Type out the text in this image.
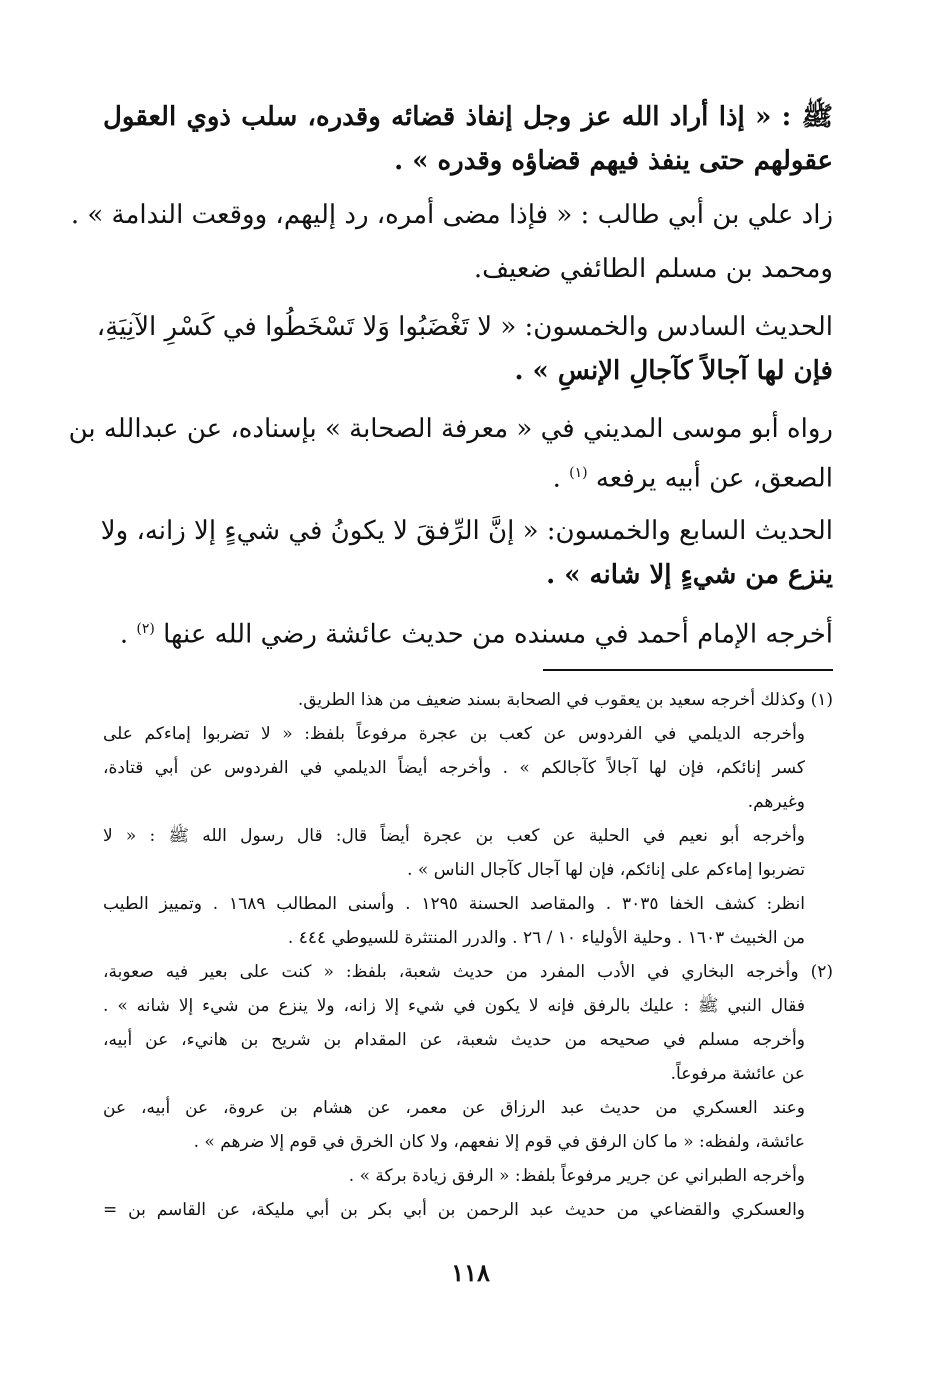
ﷺ : « إذا أراد الله عز وجل إنفاذ قضائه وقدره، سلب ذوي العقول
عقولهم حتى ينفذ فيهم قضاؤه وقدره » .
زاد علي بن أبي طالب : « فإذا مضى أمره، رد إليهم، ووقعت الندامة » .
ومحمد بن مسلم الطائفي ضعيف.
الحديث السادس والخمسون: « لا تَغْضَبُوا وَلا تَسْخَطُوا في كَسْرِ الآنِيَةِ،
فإن لها آجالاً كآجالِ الإنسِ » .
رواه أبو موسى المديني في « معرفة الصحابة » بإسناده، عن عبدالله بن
الصعق، عن أبيه يرفعه $^{(١)}$ .
الحديث السابع والخمسون: « إنَّ الرِّفقَ لا يكونُ في شيءٍ إلا زانه، ولا
ينزع من شيءٍ إلا شانه » .
أخرجه الإمام أحمد في مسنده من حديث عائشة رضي الله عنها $^{(٢)}$ .
(١) وكذلك أخرجه سعيد بن يعقوب في الصحابة بسند ضعيف من هذا الطريق.
وأخرجه الديلمي في الفردوس عن كعب بن عجرة مرفوعاً بلفظ: « لا تضربوا إماءكم على
كسر إنائكم، فإن لها آجالاً كآجالكم » . وأخرجه أيضاً الديلمي في الفردوس عن أبي قتادة،
وغيرهم.
وأخرجه أبو نعيم في الحلية عن كعب بن عجرة أيضاً قال: قال رسول الله ﷺ : « لا
تضربوا إماءكم على إنائكم، فإن لها آجال كآجال الناس » .
انظر: كشف الخفا ٣٠٣٥ . والمقاصد الحسنة ١٢٩٥ . وأسنى المطالب ١٦٨٩ . وتمييز الطيب
من الخبيث ١٦٠٣ . وحلية الأولياء ١٠ / ٢٦ . والدرر المنتثرة للسيوطي ٤٤٤ .
(٢) وأخرجه البخاري في الأدب المفرد من حديث شعبة، بلفظ: « كنت على بعير فيه صعوبة،
فقال النبي ﷺ : عليك بالرفق فإنه لا يكون في شيء إلا زانه، ولا ينزع من شيء إلا شانه » .
وأخرجه مسلم في صحيحه من حديث شعبة، عن المقدام بن شريح بن هانيء، عن أبيه،
عن عائشة مرفوعاً.
وعند العسكري من حديث عبد الرزاق عن معمر، عن هشام بن عروة، عن أبيه، عن
عائشة، ولفظه: « ما كان الرفق في قوم إلا نفعهم، ولا كان الخرق في قوم إلا ضرهم » .
وأخرجه الطبراني عن جرير مرفوعاً بلفظ: « الرفق زيادة بركة » .
والعسكري والقضاعي من حديث عبد الرحمن بن أبي بكر بن أبي مليكة، عن القاسم بن =
١١٨
